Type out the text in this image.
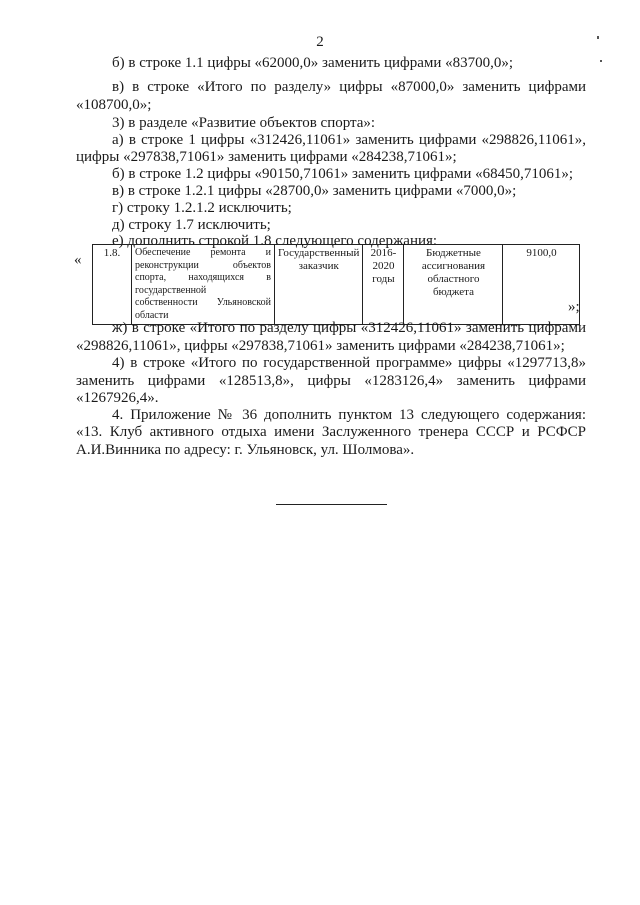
2
б) в строке 1.1 цифры «62000,0» заменить цифрами «83700,0»;
в) в строке «Итого по разделу» цифры «87000,0» заменить цифрами
«108700,0»;
3) в разделе «Развитие объектов спорта»:
а) в строке 1 цифры «312426,11061» заменить цифрами «298826,11061»,
цифры «297838,71061» заменить цифрами «284238,71061»;
б) в строке 1.2 цифры «90150,71061» заменить цифрами «68450,71061»;
в) в строке 1.2.1 цифры «28700,0» заменить цифрами «7000,0»;
г) строку 1.2.1.2 исключить;
д) строку 1.7 исключить;
е) дополнить строкой 1.8 следующего содержания:
« 1.8.	Обеспечение ремонта и реконструкции объектов спорта, находящихся в государственной собственности Ульяновской области	Государственный заказчик	2016-2020 годы	Бюджетные ассигнования областного бюджета	9100,0
»;
ж) в строке «Итого по разделу цифры «312426,11061» заменить цифрами
«298826,11061», цифры «297838,71061» заменить цифрами «284238,71061»;
4) в строке «Итого по государственной программе» цифры «1297713,8»
заменить цифрами «128513,8», цифры «1283126,4» заменить цифрами
«1267926,4».
4. Приложение № 36 дополнить пунктом 13 следующего содержания:
«13. Клуб активного отдыха имени Заслуженного тренера СССР и РСФСР
А.И.Винника по адресу: г. Ульяновск, ул. Шолмова».
